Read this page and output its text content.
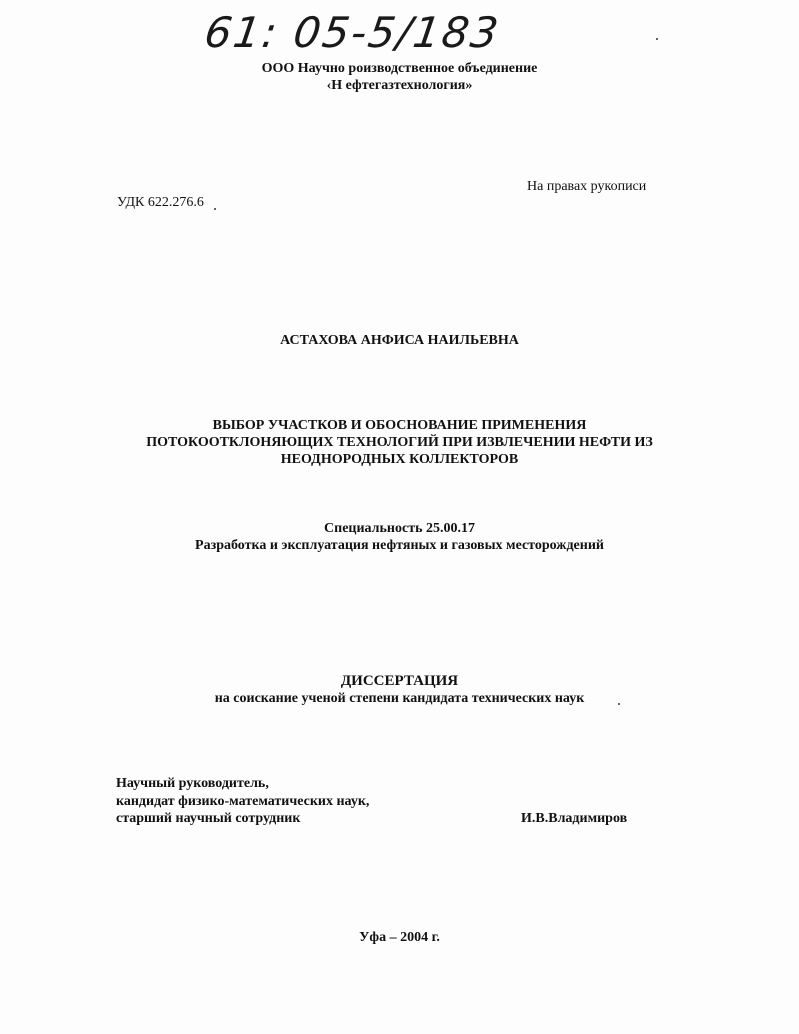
61: 05-5/183
ООО Научно роизводственное объединение
‹Н ефтегазтехнология»
На правах рукописи
УДК 622.276.6
АСТАХОВА АНФИСА НАИЛЬЕВНА
ВЫБОР УЧАСТКОВ И ОБОСНОВАНИЕ ПРИМЕНЕНИЯ
ПОТОКООТКЛОНЯЮЩИХ ТЕХНОЛОГИЙ ПРИ ИЗВЛЕЧЕНИИ НЕФТИ ИЗ
НЕОДНОРОДНЫХ КОЛЛЕКТОРОВ
Специальность 25.00.17
Разработка и эксплуатация нефтяных и газовых месторождений
ДИССЕРТАЦИЯ
на соискание ученой степени кандидата технических наук
Научный руководитель,
кандидат физико-математических наук,
старший научный сотрудник	И.В.Владимиров
Уфа – 2004 г.
